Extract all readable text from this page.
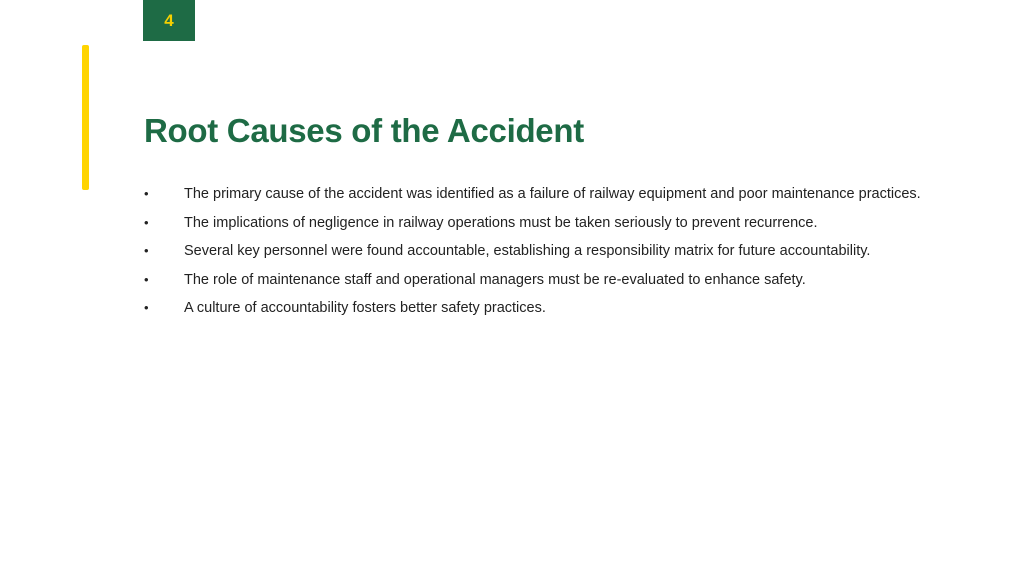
4
Root Causes of the Accident
•	The primary cause of the accident was identified as a failure of railway equipment and poor maintenance practices.
•	The implications of negligence in railway operations must be taken seriously to prevent recurrence.
•	Several key personnel were found accountable, establishing a responsibility matrix for future accountability.
•	The role of maintenance staff and operational managers must be re-evaluated to enhance safety.
•	A culture of accountability fosters better safety practices.
